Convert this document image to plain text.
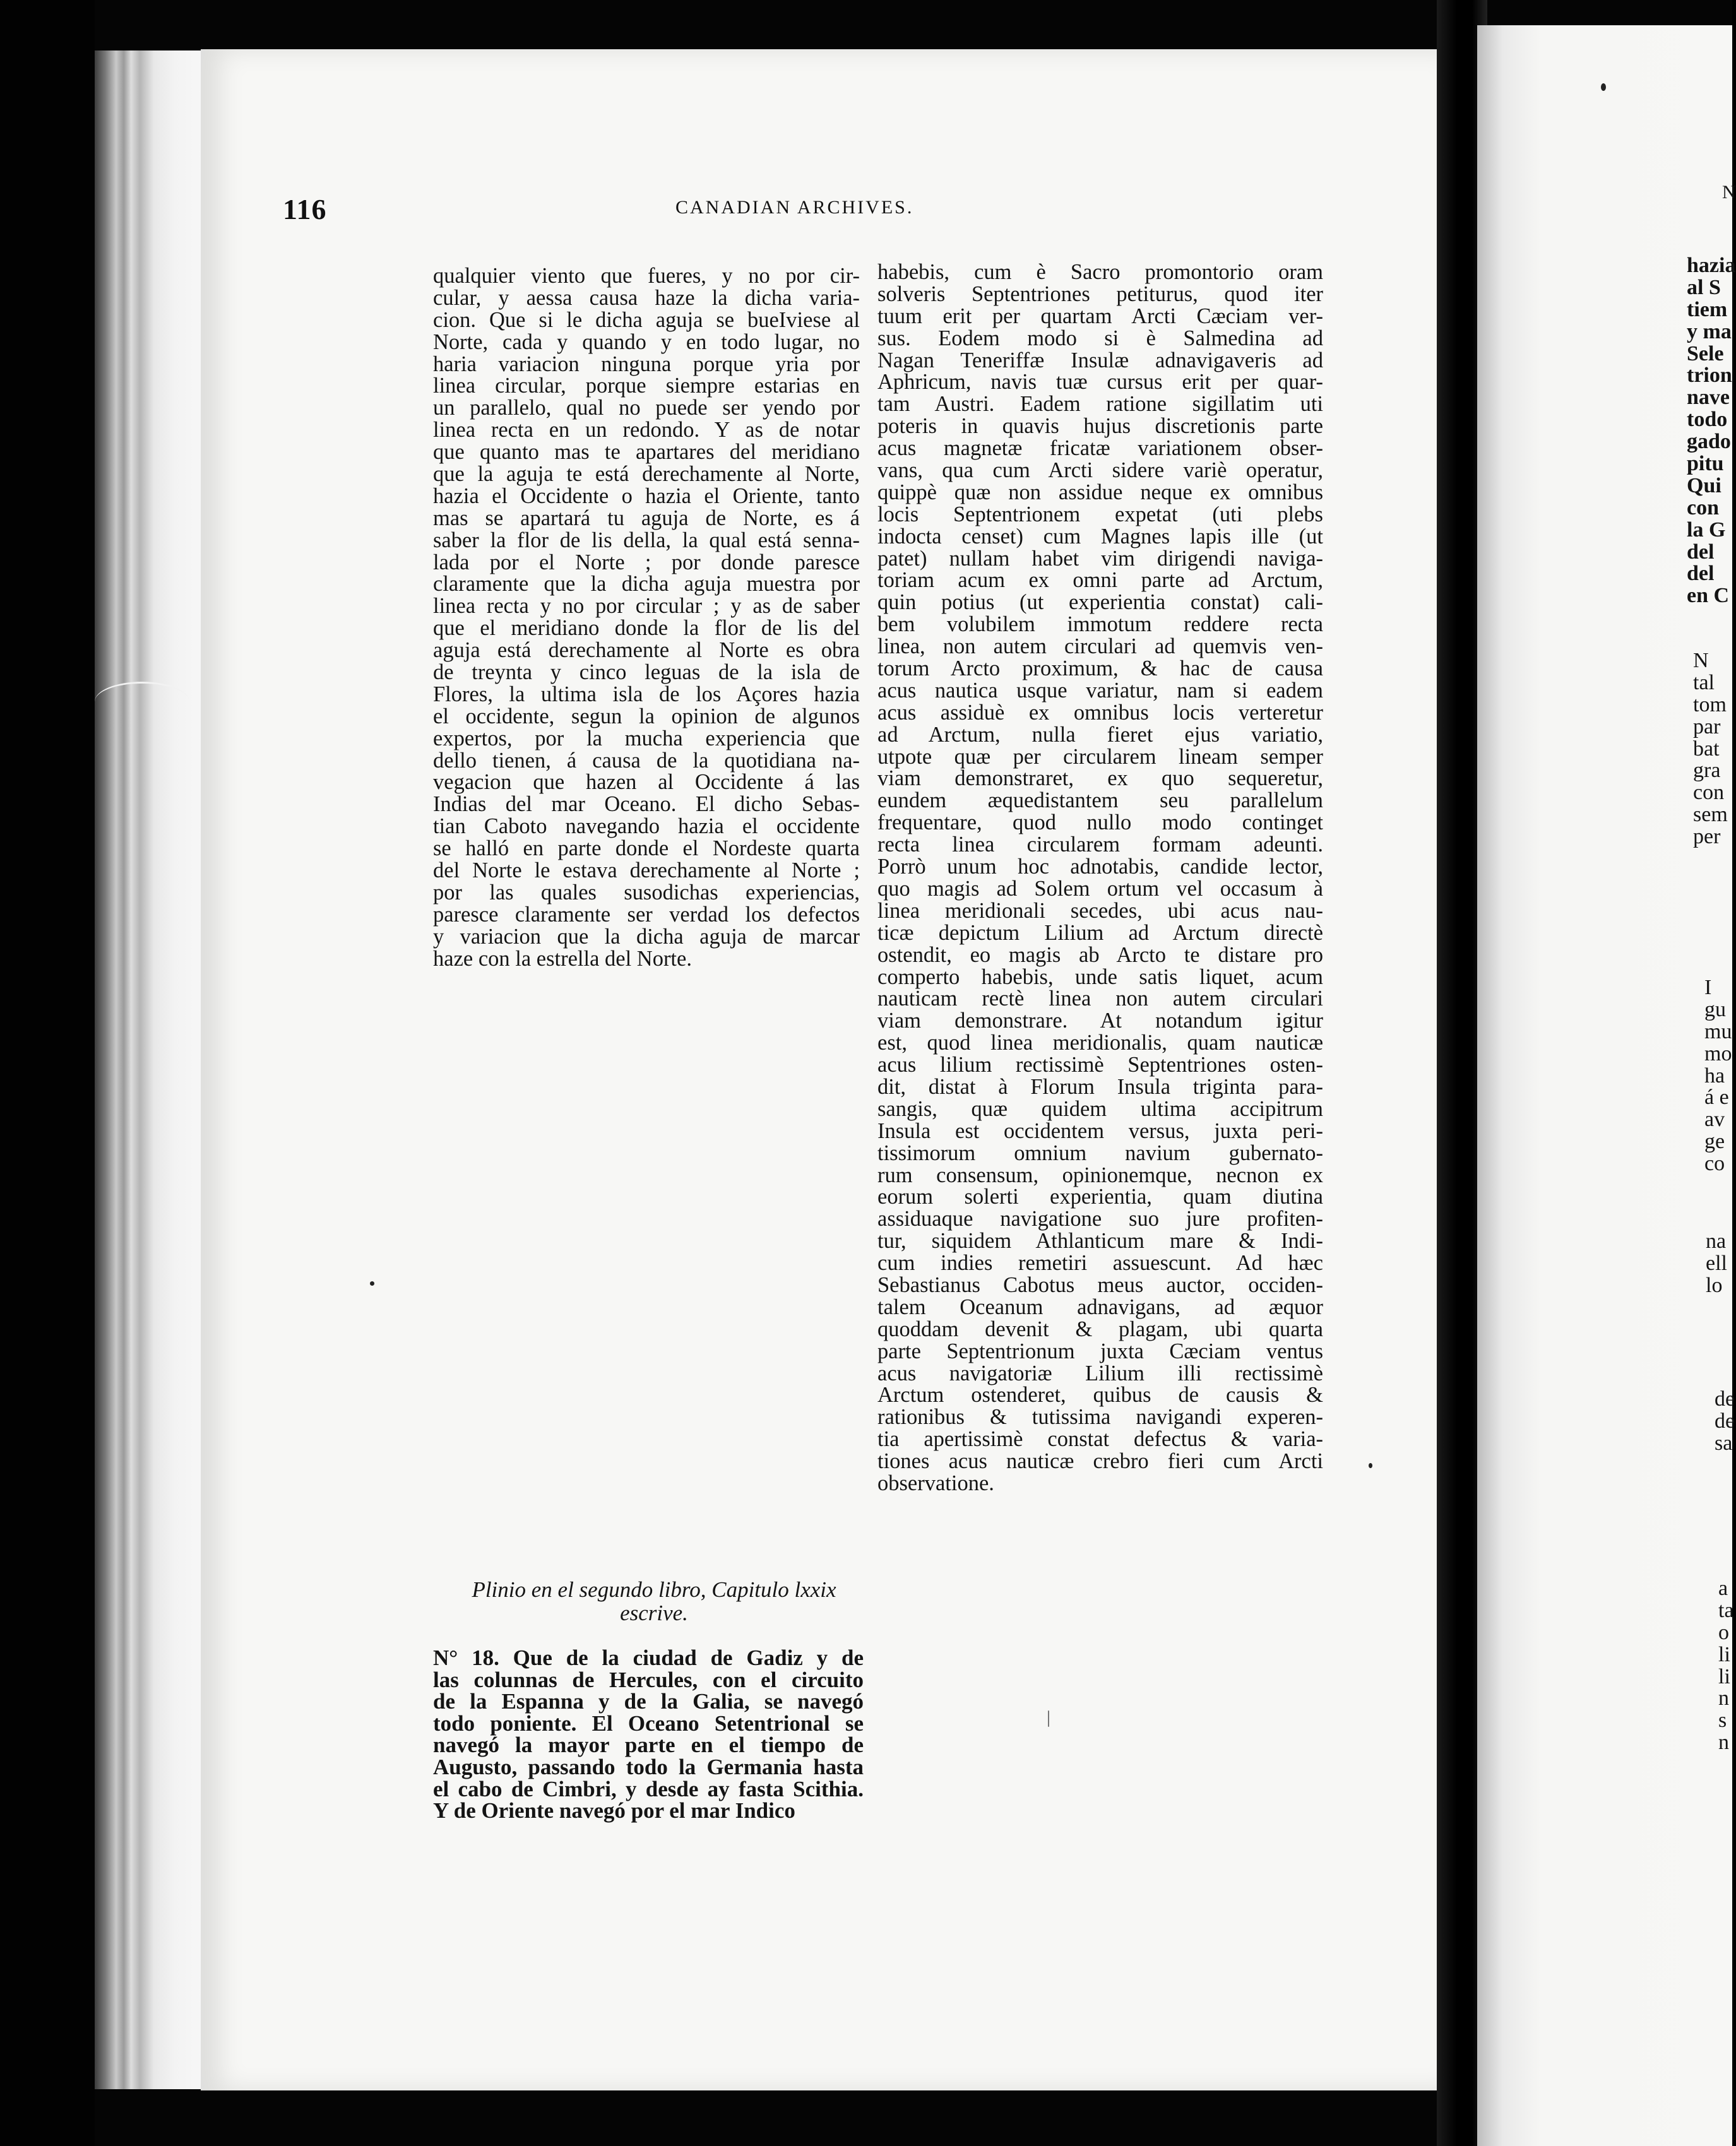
116	CANADIAN ARCHIVES.
qualquier viento que fueres, y no por cir-
cular, y aessa causa haze la dicha varia-
cion. Que si le dicha aguja se bueIviese al
Norte, cada y quando y en todo lugar, no
haria variacion ninguna porque yria por
linea circular, porque siempre estarias en
un parallelo, qual no puede ser yendo por
linea recta en un redondo. Y as de notar
que quanto mas te apartares del meridiano
que la aguja te está derechamente al Norte,
hazia el Occidente o hazia el Oriente, tanto
mas se apartará tu aguja de Norte, es á
saber la flor de lis della, la qual está senna-
lada por el Norte ; por donde paresce
claramente que la dicha aguja muestra por
linea recta y no por circular ; y as de saber
que el meridiano donde la flor de lis del
aguja está derechamente al Norte es obra
de treynta y cinco leguas de la isla de
Flores, la ultima isla de los Açores hazia
el occidente, segun la opinion de algunos
expertos, por la mucha experiencia que
dello tienen, á causa de la quotidiana na-
vegacion que hazen al Occidente á las
Indias del mar Oceano. El dicho Sebas-
tian Caboto navegando hazia el occidente
se halló en parte donde el Nordeste quarta
del Norte le estava derechamente al Norte ;
por las quales susodichas experiencias,
paresce claramente ser verdad los defectos
y variacion que la dicha aguja de marcar
haze con la estrella del Norte.
habebis, cum è Sacro promontorio oram
solveris Septentriones petiturus, quod iter
tuum erit per quartam Arcti Cæciam ver-
sus. Eodem modo si è Salmedina ad
Nagan Teneriffæ Insulæ adnavigaveris ad
Aphricum, navis tuæ cursus erit per quar-
tam Austri. Eadem ratione sigillatim uti
poteris in quavis hujus discretionis parte
acus magnetæ fricatæ variationem obser-
vans, qua cum Arcti sidere variè operatur,
quippè quæ non assidue neque ex omnibus
locis Septentrionem expetat (uti plebs
indocta censet) cum Magnes lapis ille (ut
patet) nullam habet vim dirigendi naviga-
toriam acum ex omni parte ad Arctum,
quin potius (ut experientia constat) cali-
bem volubilem immotum reddere recta
linea, non autem circulari ad quemvis ven-
torum Arcto proximum, & hac de causa
acus nautica usque variatur, nam si eadem
acus assiduè ex omnibus locis verteretur
ad Arctum, nulla fieret ejus variatio,
utpote quæ per circularem lineam semper
viam demonstraret, ex quo sequeretur,
eundem æquedistantem seu parallelum
frequentare, quod nullo modo continget
recta linea circularem formam adeunti.
Porrò unum hoc adnotabis, candide lector,
quo magis ad Solem ortum vel occasum à
linea meridionali secedes, ubi acus nau-
ticæ depictum Lilium ad Arctum directè
ostendit, eo magis ab Arcto te distare pro
comperto habebis, unde satis liquet, acum
nauticam rectè linea non autem circulari
viam demonstrare. At notandum igitur
est, quod linea meridionalis, quam nauticæ
acus lilium rectissimè Septentriones osten-
dit, distat à Florum Insula triginta para-
sangis, quæ quidem ultima accipitrum
Insula est occidentem versus, juxta peri-
tissimorum omnium navium gubernato-
rum consensum, opinionemque, necnon ex
eorum solerti experientia, quam diutina
assiduaque navigatione suo jure profiten-
tur, siquidem Athlanticum mare & Indi-
cum indies remetiri assuescunt. Ad hæc
Sebastianus Cabotus meus auctor, occiden-
talem Oceanum adnavigans, ad æquor
quoddam devenit & plagam, ubi quarta
parte Septentrionum juxta Cæciam ventus
acus navigatoriæ Lilium illi rectissimè
Arctum ostenderet, quibus de causis &
rationibus & tutissima navigandi experen-
tia apertissimè constat defectus & varia-
tiones acus nauticæ crebro fieri cum Arcti
observatione.
Plinio en el segundo libro, Capitulo lxxix
escrive.
N° 18. Que de la ciudad de Gadiz y de
las colunnas de Hercules, con el circuito
de la Espanna y de la Galia, se navegó
todo poniente. El Oceano Setentrional se
navegó la mayor parte en el tiempo de
Augusto, passando todo la Germania hasta
el cabo de Cimbri, y desde ay fasta Scithia.
Y de Oriente navegó por el mar Indico
N
hazia
al S
tiem
y ma
Sele
trion
nave
todo
gado
pitu
Qui
con
la G
del
del
en C
N
tal
tom
par
bat
gra
con
sem
per
I
gu
mu
mo
ha
á e
av
ge
co
na
ell
lo
de
de
sa
a
ta
o
li
li
n
s
n
